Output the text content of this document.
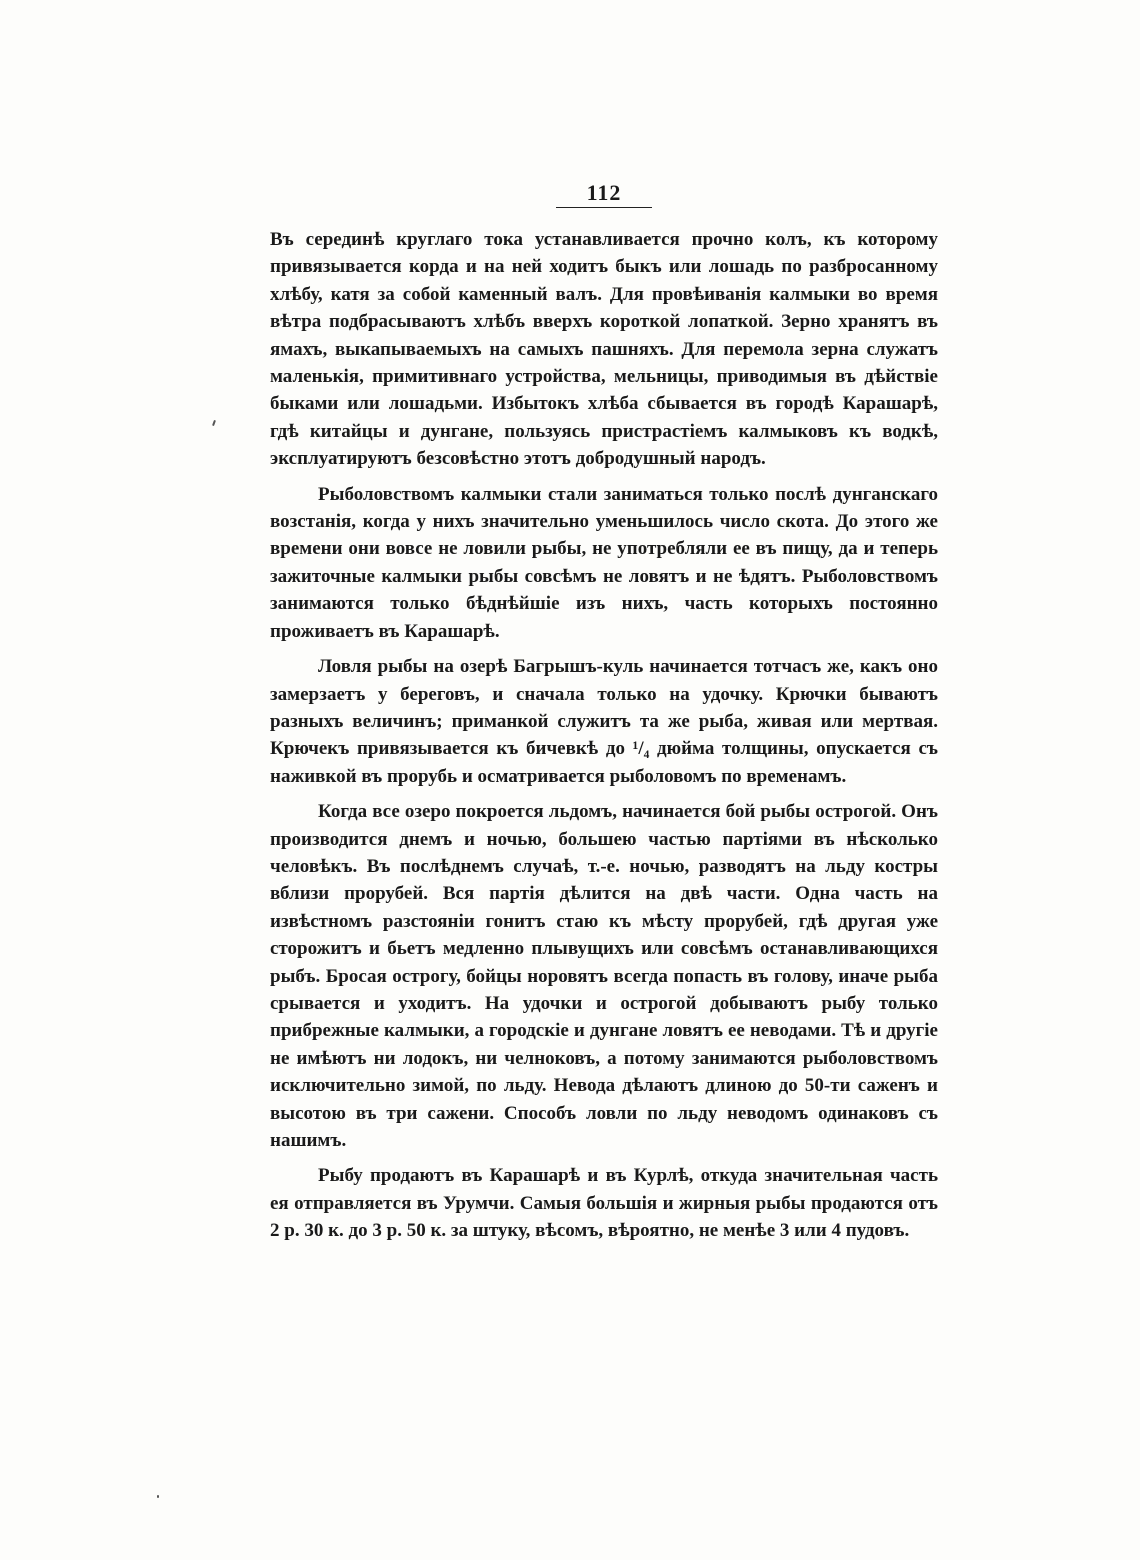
112

Въ серединѣ круглаго тока устанавливается прочно колъ, къ которому привязывается корда и на ней ходитъ быкъ или лошадь по разбросанному хлѣбу, катя за собой каменный валъ. Для провѣиванія калмыки во время вѣтра подбрасываютъ хлѣбъ вверхъ короткой лопаткой. Зерно хранятъ въ ямахъ, выкапываемыхъ на самыхъ пашняхъ. Для перемола зерна служатъ маленькія, примитивнаго устройства, мельницы, приводимыя въ дѣйствіе быками или лошадьми. Избытокъ хлѣба сбывается въ городѣ Карашарѣ, гдѣ китайцы и дунгане, пользуясь пристрастіемъ калмыковъ къ водкѣ, эксплуатируютъ безсовѣстно этотъ добродушный народъ.

Рыболовствомъ калмыки стали заниматься только послѣ дунганскаго возстанія, когда у нихъ значительно уменьшилось число скота. До этого же времени они вовсе не ловили рыбы, не употребляли ее въ пищу, да и теперь зажиточные калмыки рыбы совсѣмъ не ловятъ и не ѣдятъ. Рыболовствомъ занимаются только бѣднѣйшіе изъ нихъ, часть которыхъ постоянно проживаетъ въ Карашарѣ.

Ловля рыбы на озерѣ Багрышъ-куль начинается тотчасъ же, какъ оно замерзаетъ у береговъ, и сначала только на удочку. Крючки бываютъ разныхъ величинъ; приманкой служитъ та же рыба, живая или мертвая. Крючекъ привязывается къ бичевкѣ до ¹/₄ дюйма толщины, опускается съ наживкой въ прорубь и осматривается рыболовомъ по временамъ.

Когда все озеро покроется льдомъ, начинается бой рыбы острогой. Онъ производится днемъ и ночью, большею частью партіями въ нѣсколько человѣкъ. Въ послѣднемъ случаѣ, т.-е. ночью, разводятъ на льду костры вблизи прорубей. Вся партія дѣлится на двѣ части. Одна часть на извѣстномъ разстояніи гонитъ стаю къ мѣсту прорубей, гдѣ другая уже сторожитъ и бьетъ медленно плывущихъ или совсѣмъ останавливающихся рыбъ. Бросая острогу, бойцы норовятъ всегда попасть въ голову, иначе рыба срывается и уходитъ. На удочки и острогой добываютъ рыбу только прибрежные калмыки, а городскіе и дунгане ловятъ ее неводами. Тѣ и другіе не имѣютъ ни лодокъ, ни челноковъ, а потому занимаются рыболовствомъ исключительно зимой, по льду. Невода дѣлаютъ длиною до 50-ти саженъ и высотою въ три сажени. Способъ ловли по льду неводомъ одинаковъ съ нашимъ.

Рыбу продаютъ въ Карашарѣ и въ Курлѣ, откуда значительная часть ея отправляется въ Урумчи. Самыя большія и жирныя рыбы продаются отъ 2 р. 30 к. до 3 р. 50 к. за штуку, вѣсомъ, вѣроятно, не менѣе 3 или 4 пудовъ.
